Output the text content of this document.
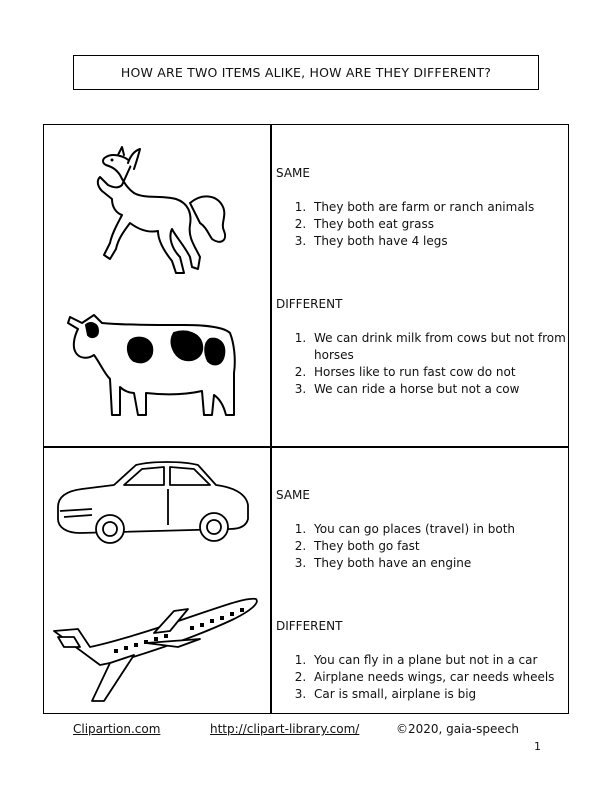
HOW ARE TWO ITEMS ALIKE, HOW ARE THEY DIFFERENT?

SAME

1. They both are farm or ranch animals
2. They both eat grass
3. They both have 4 legs

DIFFERENT

1. We can drink milk from cows but not from horses
2. Horses like to run fast cow do not
3. We can ride a horse but not a cow

SAME

1. You can go places (travel) in both
2. They both go fast
3. They both have an engine

DIFFERENT

1. You can fly in a plane but not in a car
2. Airplane needs wings, car needs wheels
3. Car is small, airplane is big
Clipartion.com	http://clipart-library.com/	©2020, gaia-speech
1
